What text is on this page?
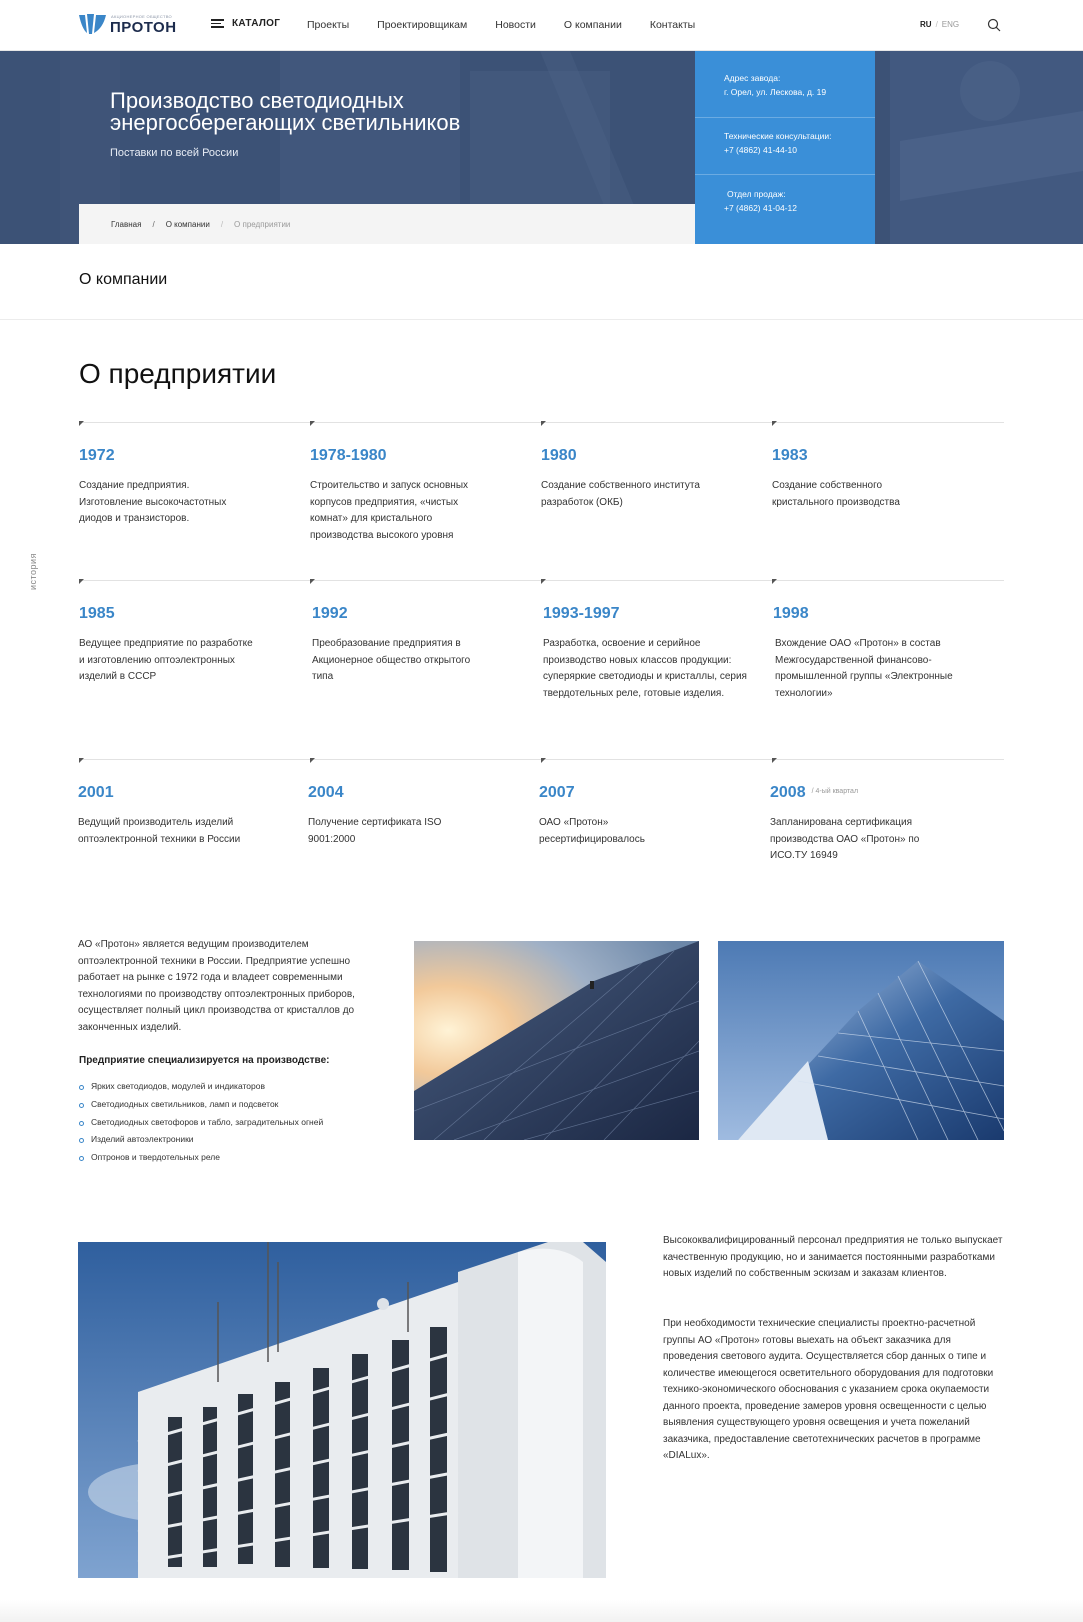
АКЦИОНЕРНОЕ ОБЩЕСТВО
ПРОТОН	КАТАЛОГ	Проекты	Проектировщикам	Новости	О компании	Контакты	RU / ENG
Производство светодиодных
энергосберегающих светильников
Поставки по всей России
Главная / О компании / О предприятии
Адрес завода:
г. Орел, ул. Лескова, д. 19
Технические консультации:
+7 (4862) 41-44-10
Отдел продаж:
+7 (4862) 41-04-12
О компании
О предприятии
история
1972
Создание предприятия. Изготовление высокочастотных диодов и транзисторов.
1978-1980
Строительство и запуск основных корпусов предприятия, «чистых комнат» для кристального производства высокого уровня
1980
Создание собственного института разработок (ОКБ)
1983
Создание собственного кристального производства
1985
Ведущее предприятие по разработке и изготовлению оптоэлектронных изделий в СССР
1992
Преобразование предприятия в Акционерное общество открытого типа
1993-1997
Разработка, освоение и серийное производство новых классов продукции: суперяркие светодиоды и кристаллы, серия твердотельных реле, готовые изделия.
1998
Вхождение ОАО «Протон» в состав Межгосударственной финансово-промышленной группы «Электронные технологии»
2001
Ведущий производитель изделий оптоэлектронной техники в России
2004
Получение сертификата ISO 9001:2000
2007
ОАО «Протон» ресертифицировалось
2008 $^{/ 4-ый квартал}$
Запланирована сертификация производства ОАО «Протон» по ИСО.ТУ 16949
АО «Протон» является ведущим производителем оптоэлектронной техники в России. Предприятие успешно работает на рынке с 1972 года и владеет современными технологиями по производству оптоэлектронных приборов, осуществляет полный цикл производства от кристаллов до законченных изделий.
Предприятие специализируется на производстве:
Ярких светодиодов, модулей и индикаторов
Светодиодных светильников, ламп и подсветок
Светодиодных светофоров и табло, заградительных огней
Изделий автоэлектроники
Оптронов и твердотельных реле
Высококвалифицированный персонал предприятия не только выпускает качественную продукцию, но и занимается постоянными разработками новых изделий по собственным эскизам и заказам клиентов.
При необходимости технические специалисты проектно-расчетной группы АО «Протон» готовы выехать на объект заказчика для проведения светового аудита. Осуществляется сбор данных о типе и количестве имеющегося осветительного оборудования для подготовки технико-экономического обоснования с указанием срока окупаемости данного проекта, проведение замеров уровня освещенности с целью выявления существующего уровня освещения и учета пожеланий заказчика, предоставление светотехнических расчетов в программе «DIALux».
